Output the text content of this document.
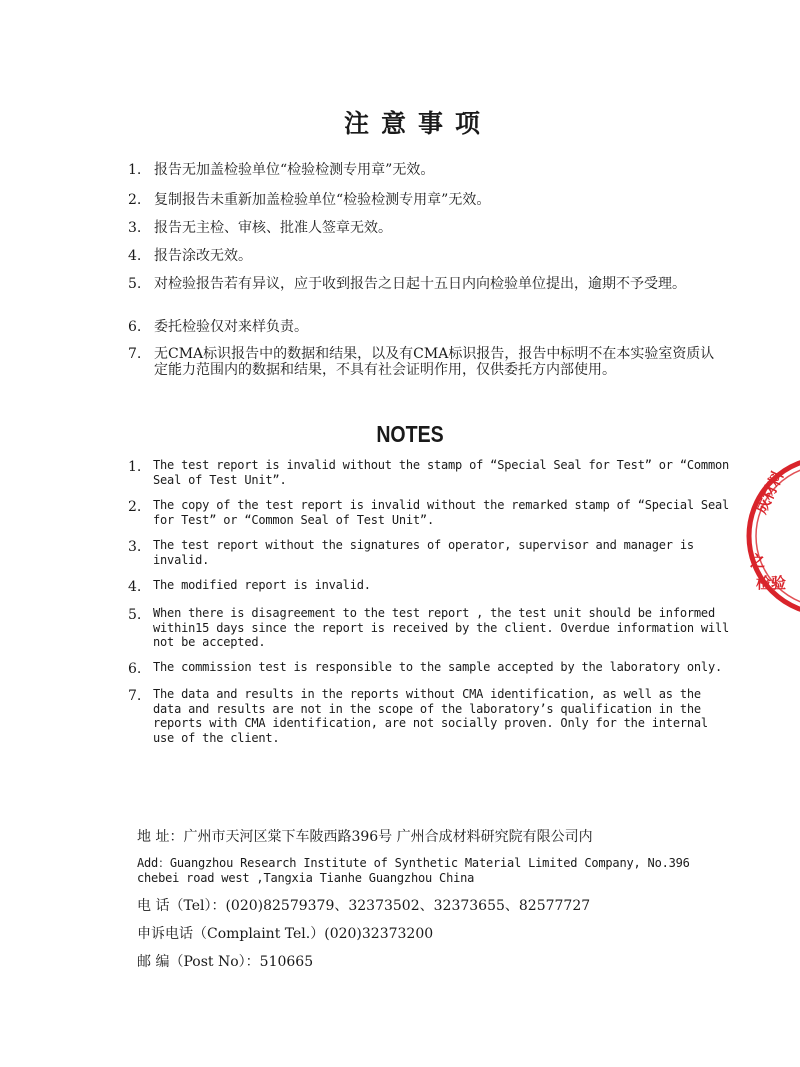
注意事项
1. 报告无加盖检验单位“检验检测专用章”无效。
2. 复制报告未重新加盖检验单位“检验检测专用章”无效。
3. 报告无主检、审核、批准人签章无效。
4. 报告涂改无效。
5. 对检验报告若有异议，应于收到报告之日起十五日内向检验单位提出，逾期不予受理。
6. 委托检验仅对来样负责。
7. 无CMA标识报告中的数据和结果，以及有CMA标识报告，报告中标明不在本实验室资质认定能力范围内的数据和结果，不具有社会证明作用，仅供委托方内部使用。
NOTES
1. The test report is invalid without the stamp of “Special Seal for Test” or “Common Seal of Test Unit”.
2. The copy of the test report is invalid without the remarked stamp of “Special Seal for Test” or “Common Seal of Test Unit”.
3. The test report without the signatures of operator, supervisor and manager is invalid.
4. The modified report is invalid.
5. When there is disagreement to the test report , the test unit should be informed within15 days since the report is received by the client. Overdue information will not be accepted.
6. The commission test is responsible to the sample accepted by the laboratory only.
7. The data and results in the reports without CMA identification, as well as the data and results are not in the scope of the laboratory’s qualification in the reports with CMA identification, are not socially proven. Only for the internal use of the client.
地 址：广州市天河区棠下车陂西路396号 广州合成材料研究院有限公司内
Add：Guangzhou Research Institute of Synthetic Material Limited Company, No.396 chebei road west ,Tangxia Tianhe Guangzhou China
电 话（Tel）：(020)82579379、32373502、32373655、82577727
申诉电话（Complaint Tel.）(020)32373200
邮 编（Post No）：510665
成材料
之
检验
